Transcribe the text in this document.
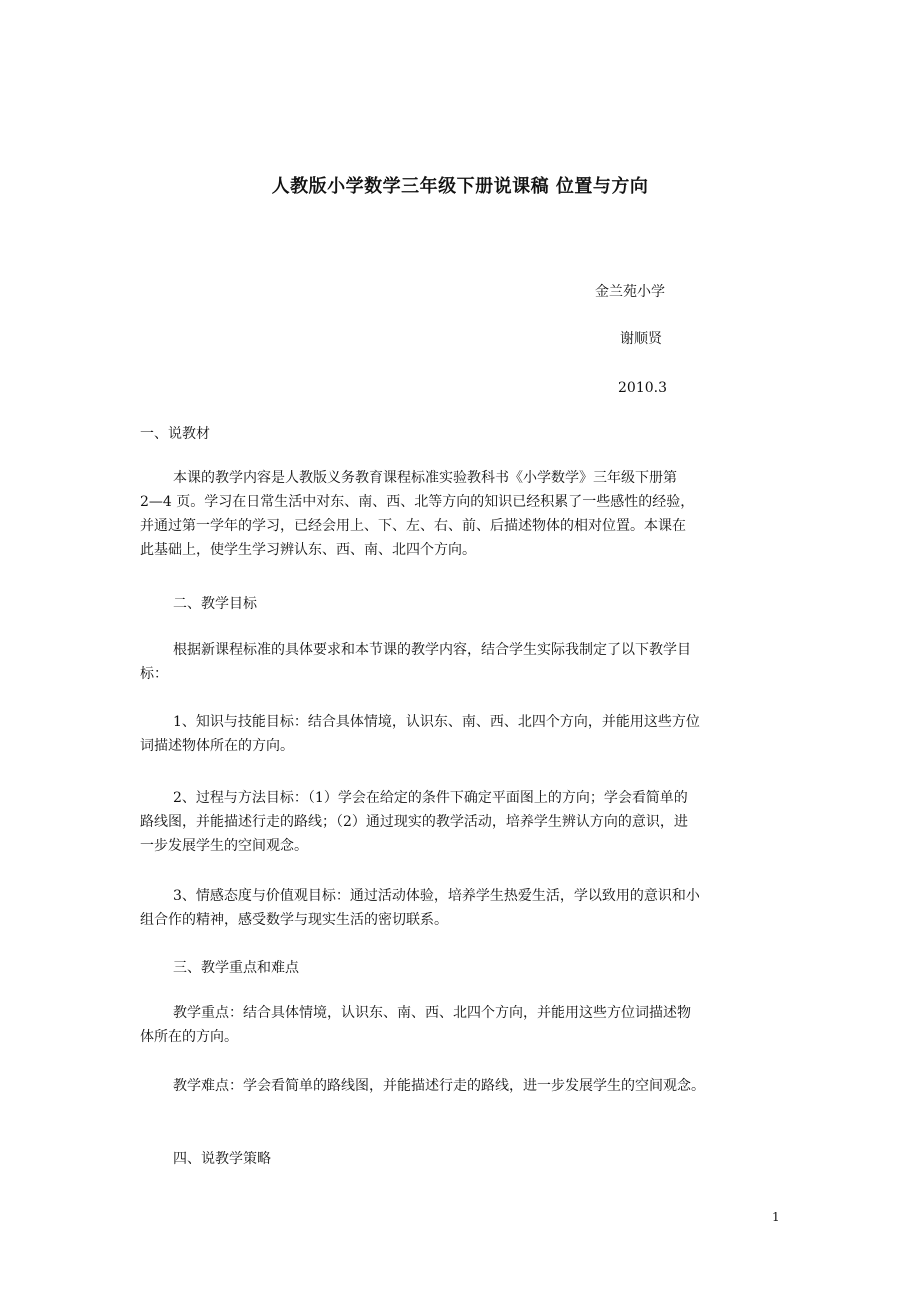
人教版小学数学三年级下册说课稿 位置与方向
金兰苑小学
谢顺贤
2010.3
一、说教材
本课的教学内容是人教版义务教育课程标准实验教科书《小学数学》三年级下册第
2—4 页。学习在日常生活中对东、南、西、北等方向的知识已经积累了一些感性的经验，
并通过第一学年的学习，已经会用上、下、左、右、前、后描述物体的相对位置。本课在
此基础上，使学生学习辨认东、西、南、北四个方向。
二、教学目标
根据新课程标准的具体要求和本节课的教学内容，结合学生实际我制定了以下教学目
标：
1、知识与技能目标：结合具体情境，认识东、南、西、北四个方向，并能用这些方位
词描述物体所在的方向。
2、过程与方法目标：（1）学会在给定的条件下确定平面图上的方向；学会看简单的
路线图，并能描述行走的路线；（2）通过现实的教学活动，培养学生辨认方向的意识，进
一步发展学生的空间观念。
3、情感态度与价值观目标：通过活动体验，培养学生热爱生活，学以致用的意识和小
组合作的精神，感受数学与现实生活的密切联系。
三、教学重点和难点
教学重点：结合具体情境，认识东、南、西、北四个方向，并能用这些方位词描述物
体所在的方向。
教学难点：学会看简单的路线图，并能描述行走的路线，进一步发展学生的空间观念。
四、说教学策略
1
